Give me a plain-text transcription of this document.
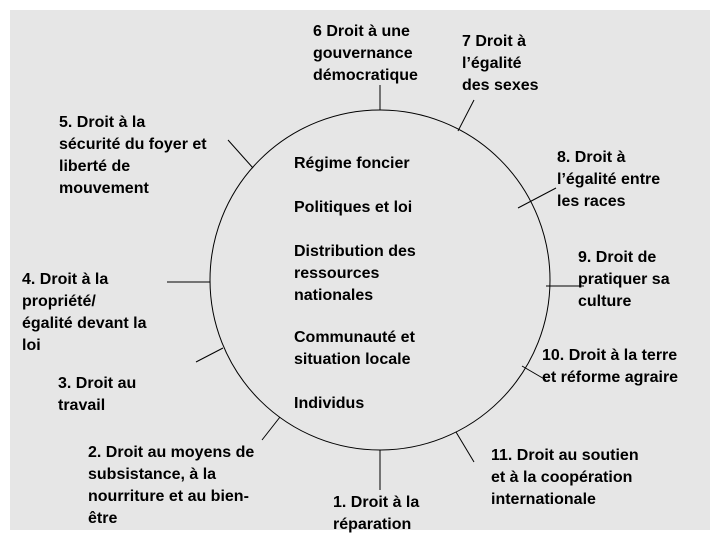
Régime foncier
Politiques et loi
Distribution des
ressources
nationales
Communauté et
situation locale
Individus
1. Droit à la
réparation
2. Droit au moyens de
subsistance, à la
nourriture et au bien-
être
3. Droit au
travail
4. Droit à la
propriété/
égalité devant la
loi
5. Droit à la
sécurité du foyer et
liberté de
mouvement
6 Droit à une
gouvernance
démocratique
7 Droit à
l’égalité
des sexes
8. Droit à
l’égalité entre
les races
9. Droit de
pratiquer sa
culture
10. Droit à la terre
et réforme agraire
11. Droit au soutien
et à la coopération
internationale
